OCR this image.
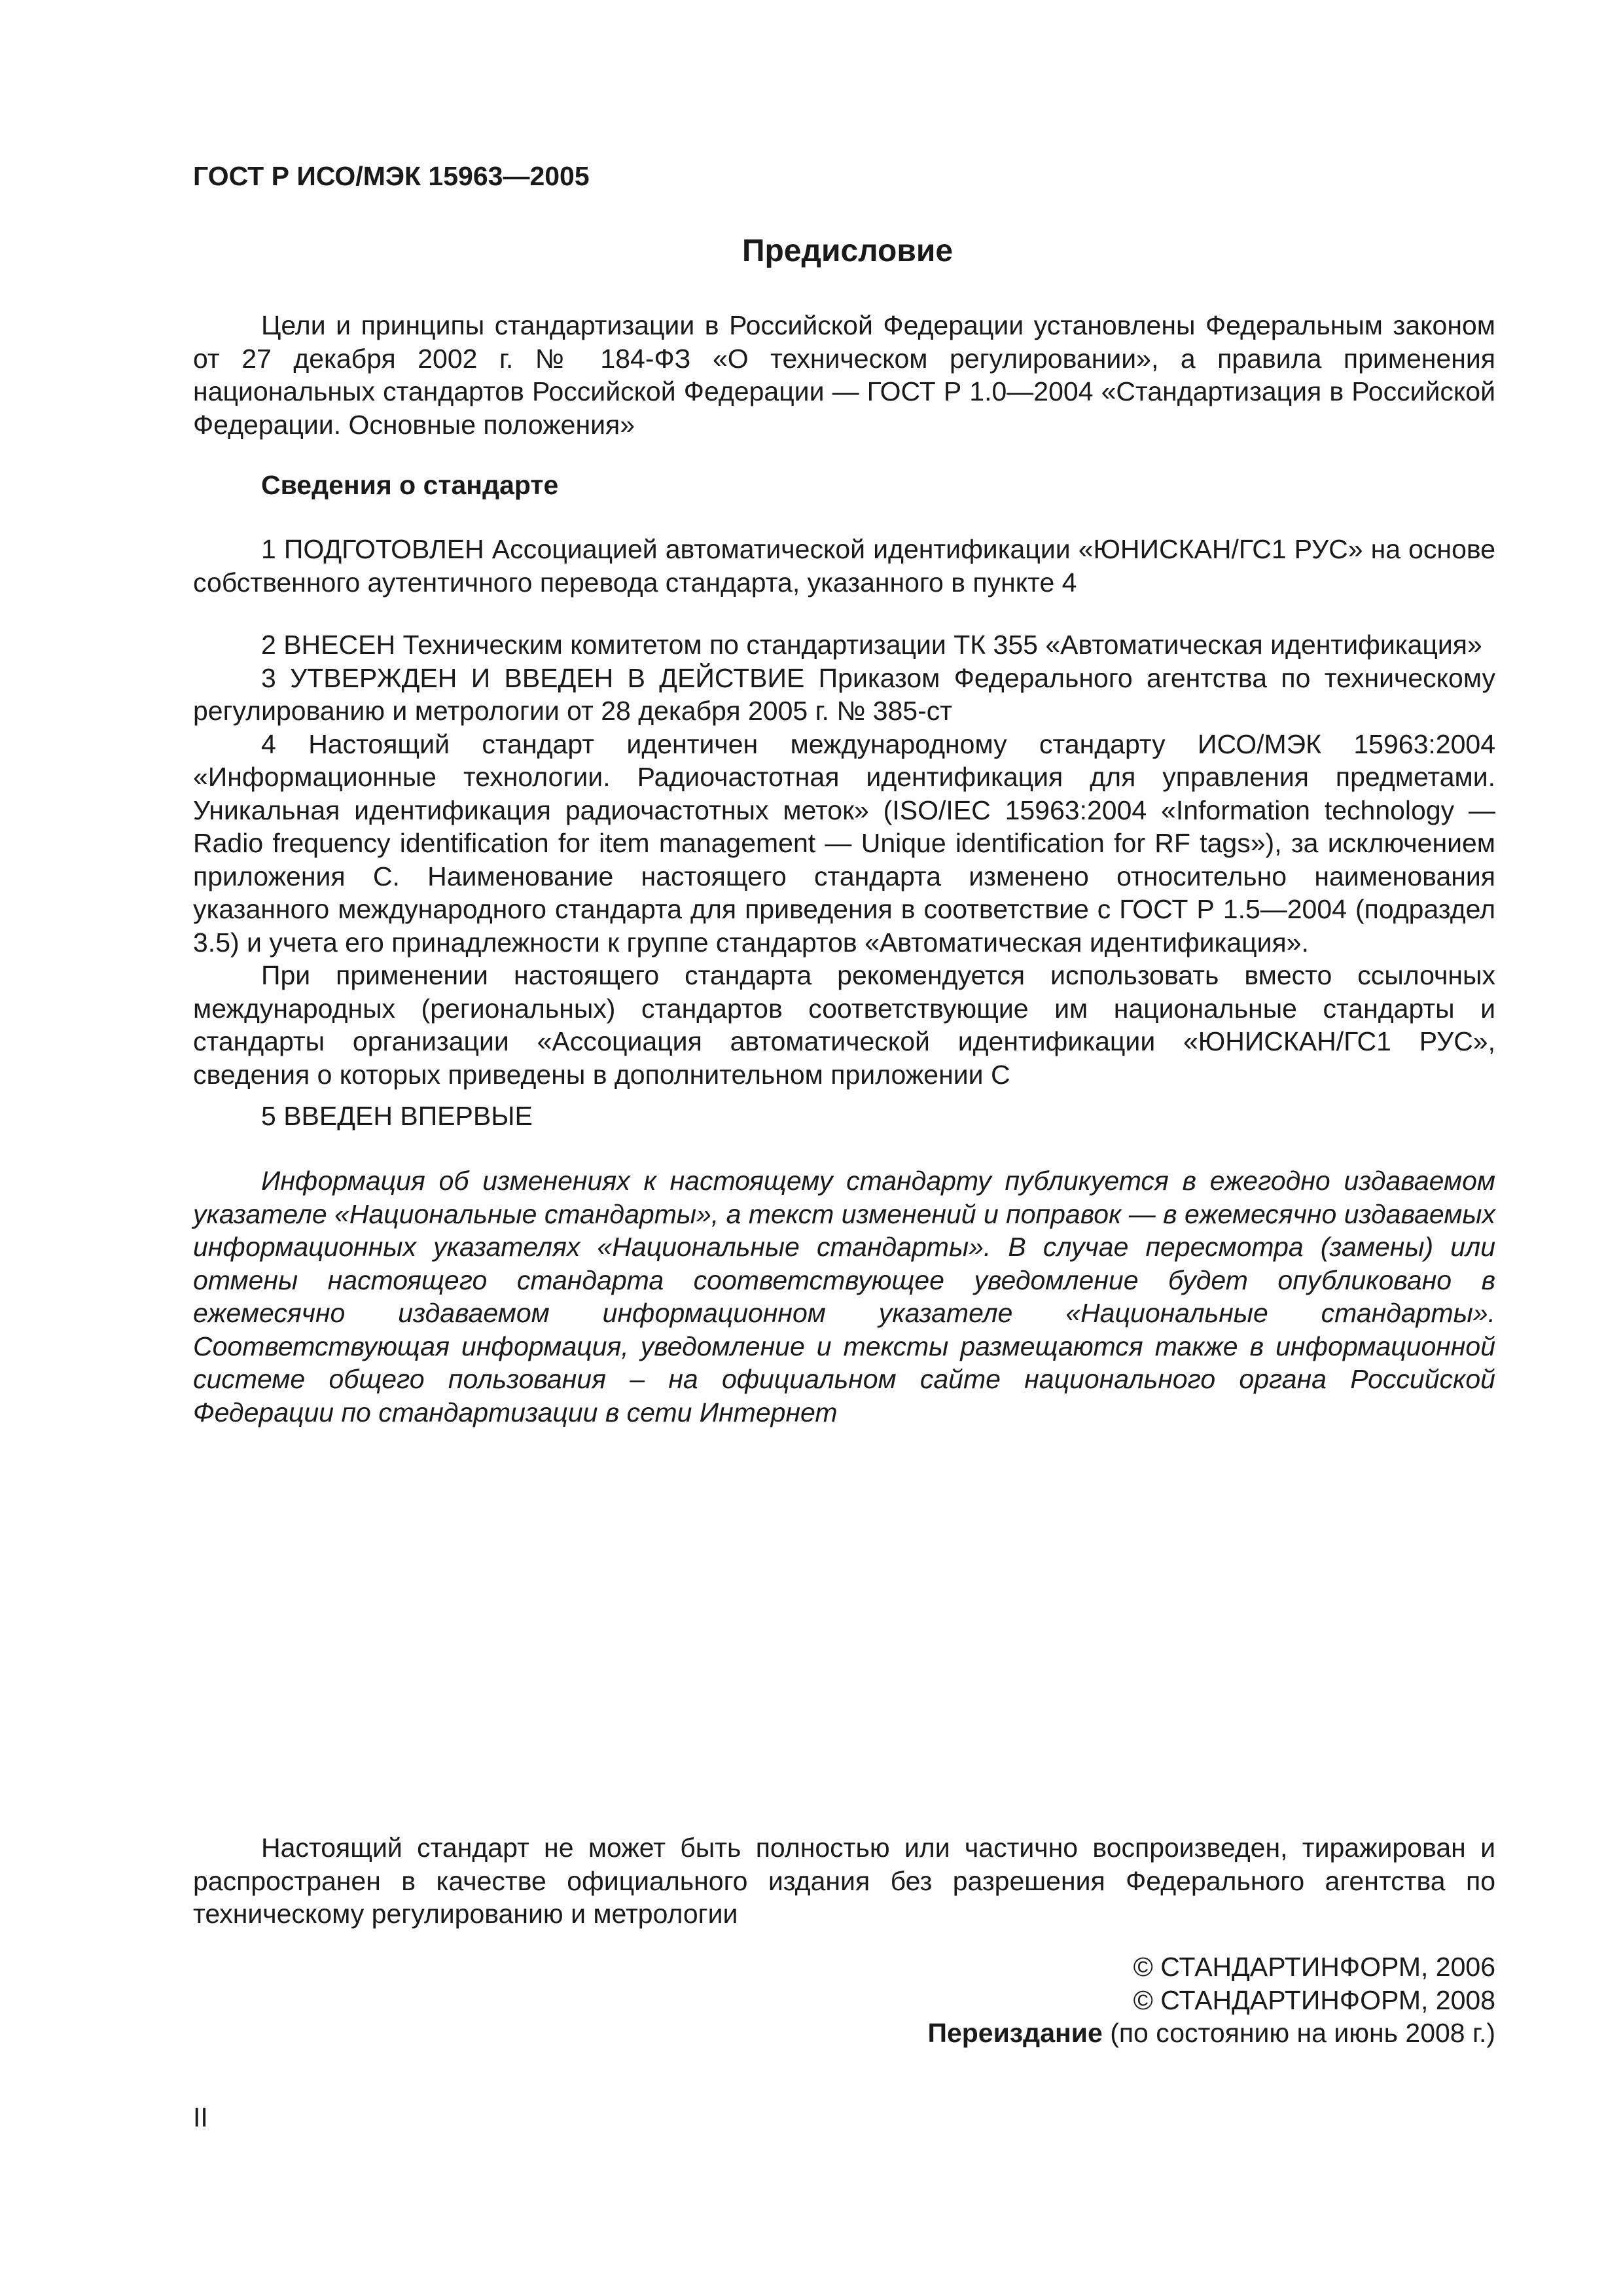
ГОСТ Р ИСО/МЭК 15963—2005
Предисловие

Цели и принципы стандартизации в Российской Федерации установлены Федеральным законом от 27 декабря 2002 г. № 184-ФЗ «О техническом регулировании», а правила применения национальных стандартов Российской Федерации — ГОСТ Р 1.0—2004 «Стандартизация в Российской Федерации. Основные положения»

Сведения о стандарте

1 ПОДГОТОВЛЕН Ассоциацией автоматической идентификации «ЮНИСКАН/ГС1 РУС» на основе собственного аутентичного перевода стандарта, указанного в пункте 4

2 ВНЕСЕН Техническим комитетом по стандартизации ТК 355 «Автоматическая идентификация»

3 УТВЕРЖДЕН И ВВЕДЕН В ДЕЙСТВИЕ Приказом Федерального агентства по техническому регулированию и метрологии от 28 декабря 2005 г. № 385-ст

4 Настоящий стандарт идентичен международному стандарту ИСО/МЭК 15963:2004 «Информационные технологии. Радиочастотная идентификация для управления предметами. Уникальная идентификация радиочастотных меток» (ISO/IEC 15963:2004 «Information technology — Radio frequency identification for item management — Unique identification for RF tags»), за исключением приложения С. Наименование настоящего стандарта изменено относительно наименования указанного международного стандарта для приведения в соответствие с ГОСТ Р 1.5—2004 (подраздел 3.5) и учета его принадлежности к группе стандартов «Автоматическая идентификация».

При применении настоящего стандарта рекомендуется использовать вместо ссылочных международных (региональных) стандартов соответствующие им национальные стандарты и стандарты организации «Ассоциация автоматической идентификации «ЮНИСКАН/ГС1 РУС», сведения о которых приведены в дополнительном приложении С

5 ВВЕДЕН ВПЕРВЫЕ

Информация об изменениях к настоящему стандарту публикуется в ежегодно издаваемом указателе «Национальные стандарты», а текст изменений и поправок — в ежемесячно издаваемых информационных указателях «Национальные стандарты». В случае пересмотра (замены) или отмены настоящего стандарта соответствующее уведомление будет опубликовано в ежемесячно издаваемом информационном указателе «Национальные стандарты». Соответствующая информация, уведомление и тексты размещаются также в информационной системе общего пользования – на официальном сайте национального органа Российской Федерации по стандартизации в сети Интернет

Настоящий стандарт не может быть полностью или частично воспроизведен, тиражирован и распространен в качестве официального издания без разрешения Федерального агентства по техническому регулированию и метрологии

© СТАНДАРТИНФОРМ, 2006
© СТАНДАРТИНФОРМ, 2008
Переиздание (по состоянию на июнь 2008 г.)
II
